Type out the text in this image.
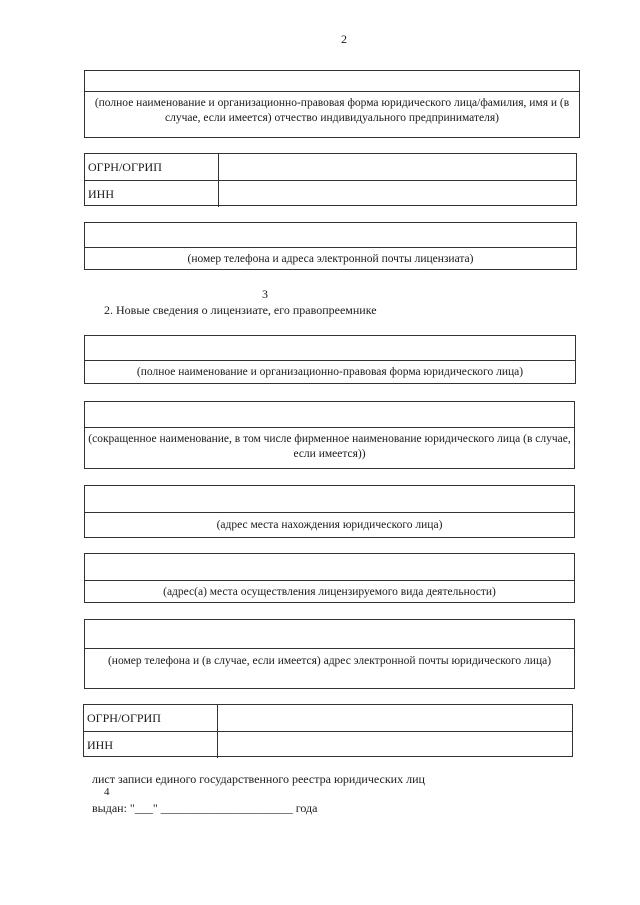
2
(полное наименование и организационно-правовая форма юридического лица/фамилия, имя и (в случае, если имеется) отчество индивидуального предпринимателя)
ОГРН/ОГРИП
ИНН
(номер телефона и адреса электронной почты лицензиата)
3
2. Новые сведения о лицензиате, его правопреемнике
(полное наименование и организационно-правовая форма юридического лица)
(сокращенное наименование, в том числе фирменное наименование юридического лица (в случае, если имеется))
(адрес места нахождения юридического лица)
(адрес(а) места осуществления лицензируемого вида деятельности)
(номер телефона и (в случае, если имеется) адрес электронной почты юридического лица)
ОГРН/ОГРИП
ИНН
лист записи единого государственного реестра юридических лиц
4
выдан: "___" ______________________ года
